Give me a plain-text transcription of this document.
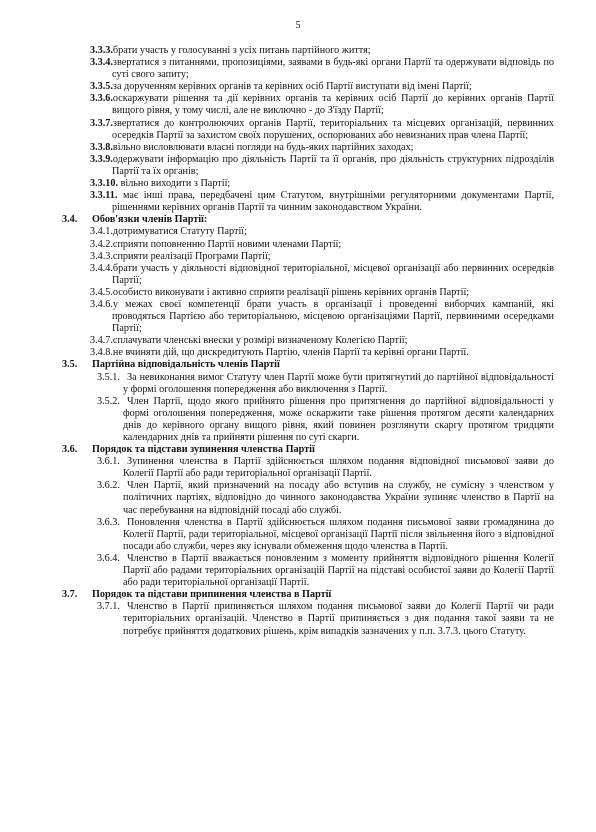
5

3.3.3.брати участь у голосуванні з усіх питань партійного життя;

3.3.4.звертатися з питаннями, пропозиціями, заявами в будь-які органи Партії та одержувати відповідь по суті свого запиту;

3.3.5.за дорученням керівних органів та керівних осіб Партії виступати від імені Партії;

3.3.6.оскаржувати рішення та дії керівних органів та керівних осіб Партії до керівних органів Партії вищого рівня, у тому числі, але не виключно - до З'їзду Партії;

3.3.7.звертатися до контролюючих органів Партії, територіальних та місцевих організацій, первинних осередків Партії за захистом своїх порушених, оспорюваних або невизнаних прав члена Партії;

3.3.8.вільно висловлювати власні погляди на будь-яких партійних заходах;

3.3.9.одержувати інформацію про діяльність Партії та її органів, про діяльність структурних підрозділів Партії та їх органів;

3.3.10. вільно виходити з Партії;

3.3.11. має інші права, передбачені цим Статутом, внутрішніми регуляторними документами Партії, рішеннями керівних органів Партії та чинним законодавством України.

3.4. Обов'язки членів Партії:

3.4.1.дотримуватися Статуту Партії;

3.4.2.сприяти поповненню Партії новими членами Партії;

3.4.3.сприяти реалізації Програми Партії;

3.4.4.брати участь у діяльності відповідної територіальної, місцевої організації або первинних осередків Партії;

3.4.5.особисто виконувати і активно сприяти реалізації рішень керівних органів Партії;

3.4.6.у межах своєї компетенції брати участь в організації і проведенні виборчих кампаній, які проводяться Партією або територіальною, місцевою організаціями Партії, первинними осередками Партії;

3.4.7.сплачувати членські внески у розмірі визначеному Колегією Партії;

3.4.8.не вчиняти дій, що дискредитують Партію, членів Партії та керівні органи Партії.

3.5. Партійна відповідальність членів Партії

3.5.1. За невиконання вимог Статуту член Партії може бути притягнутий до партійної відповідальності у формі оголошення попередження або виключення з Партії.

3.5.2. Член Партії, щодо якого прийнято рішення про притягнення до партійної відповідальності у формі оголошення попередження, може оскаржити таке рішення протягом десяти календарних днів до керівного органу вищого рівня, який повинен розглянути скаргу протягом тридцяти календарних днів та прийняти рішення по суті скарги.

3.6. Порядок та підстави зупинення членства Партії

3.6.1. Зупинення членства в Партії здійснюється шляхом подання відповідної письмової заяви до Колегії Партії або ради територіальної організації Партії.

3.6.2. Член Партії, який призначений на посаду або вступив на службу, не сумісну з членством у політичних партіях, відповідно до чинного законодавства України зупиняє членство в Партії на час перебування на відповідній посаді або службі.

3.6.3. Поновлення членства в Партії здійснюється шляхом подання письмової заяви громадянина до Колегії Партії, ради територіальної, місцевої організації Партії після звільнення його з відповідної посади або служби, через яку існували обмеження щодо членства в Партії.

3.6.4. Членство в Партії вважається поновленим з моменту прийняття відповідного рішення Колегії Партії або радами територіальних організацій Партії на підставі особистої заяви до Колегії Партії або ради територіальної організації Партії.

3.7. Порядок та підстави припинення членства в Партії

3.7.1. Членство в Партії припиняється шляхом подання письмової заяви до Колегії Партії чи ради територіальних організацій. Членство в Партії припиняється з дня подання такої заяви та не потребує прийняття додаткових рішень, крім випадків зазначених у п.п. 3.7.3. цього Статуту.
